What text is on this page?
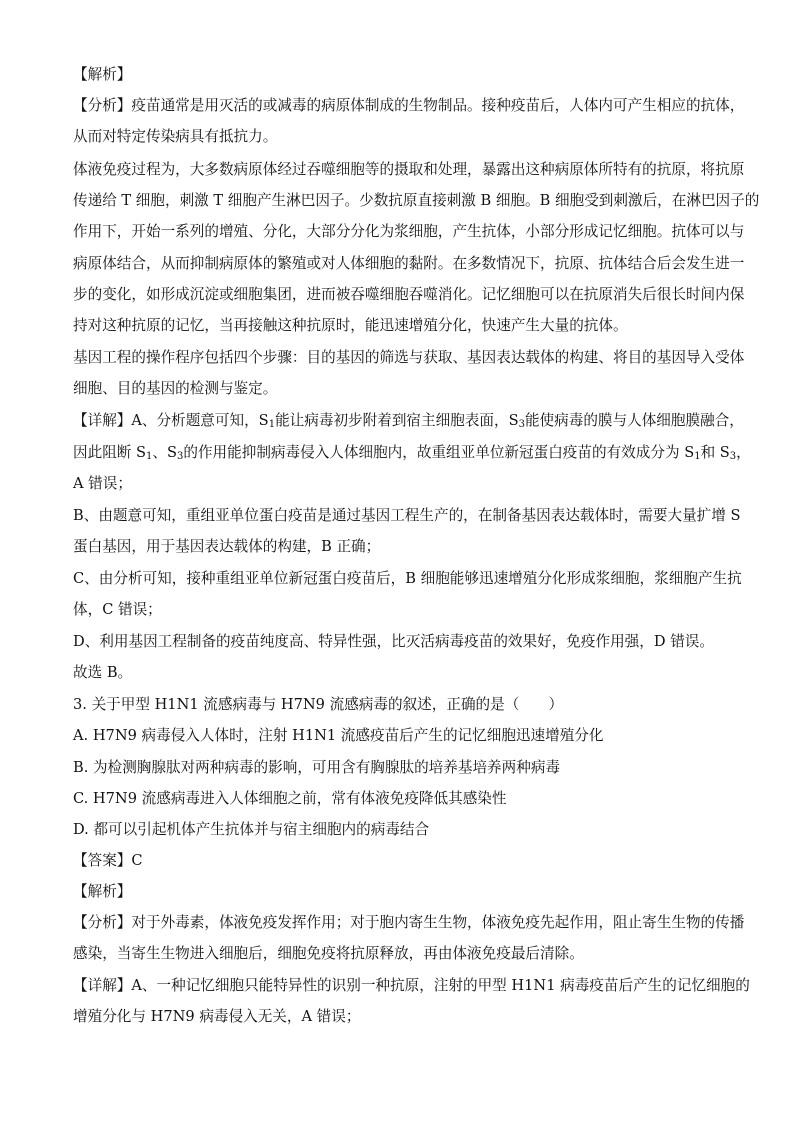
【解析】
【分析】疫苗通常是用灭活的或减毒的病原体制成的生物制品。接种疫苗后，人体内可产生相应的抗体，
从而对特定传染病具有抵抗力。
体液免疫过程为，大多数病原体经过吞噬细胞等的摄取和处理，暴露出这种病原体所特有的抗原，将抗原
传递给 T 细胞，刺激 T 细胞产生淋巴因子。少数抗原直接刺激 B 细胞。B 细胞受到刺激后，在淋巴因子的
作用下，开始一系列的增殖、分化，大部分分化为浆细胞，产生抗体，小部分形成记忆细胞。抗体可以与
病原体结合，从而抑制病原体的繁殖或对人体细胞的黏附。在多数情况下，抗原、抗体结合后会发生进一
步的变化，如形成沉淀或细胞集团，进而被吞噬细胞吞噬消化。记忆细胞可以在抗原消失后很长时间内保
持对这种抗原的记忆，当再接触这种抗原时，能迅速增殖分化，快速产生大量的抗体。
基因工程的操作程序包括四个步骤：目的基因的筛选与获取、基因表达载体的构建、将目的基因导入受体
细胞、目的基因的检测与鉴定。
【详解】A、分析题意可知，$S_1$能让病毒初步附着到宿主细胞表面，$S_3$能使病毒的膜与人体细胞膜融合，
因此阻断 $S_1$、$S_3$的作用能抑制病毒侵入人体细胞内，故重组亚单位新冠蛋白疫苗的有效成分为 $S_1$和 $S_3$，
A 错误；
B、由题意可知，重组亚单位蛋白疫苗是通过基因工程生产的，在制备基因表达载体时，需要大量扩增 S
蛋白基因，用于基因表达载体的构建，B 正确；
C、由分析可知，接种重组亚单位新冠蛋白疫苗后，B 细胞能够迅速增殖分化形成浆细胞，浆细胞产生抗
体，C 错误；
D、利用基因工程制备的疫苗纯度高、特异性强，比灭活病毒疫苗的效果好，免疫作用强，D 错误。
故选 B。
3. 关于甲型 H1N1 流感病毒与 H7N9 流感病毒的叙述，正确的是（　　）
A. H7N9 病毒侵入人体时，注射 H1N1 流感疫苗后产生的记忆细胞迅速增殖分化
B. 为检测胸腺肽对两种病毒的影响，可用含有胸腺肽的培养基培养两种病毒
C. H7N9 流感病毒进入人体细胞之前，常有体液免疫降低其感染性
D. 都可以引起机体产生抗体并与宿主细胞内的病毒结合
【答案】C
【解析】
【分析】对于外毒素，体液免疫发挥作用；对于胞内寄生生物，体液免疫先起作用，阻止寄生生物的传播
感染，当寄生生物进入细胞后，细胞免疫将抗原释放，再由体液免疫最后清除。
【详解】A、一种记忆细胞只能特异性的识别一种抗原，注射的甲型 H1N1 病毒疫苗后产生的记忆细胞的
增殖分化与 H7N9 病毒侵入无关，A 错误；
